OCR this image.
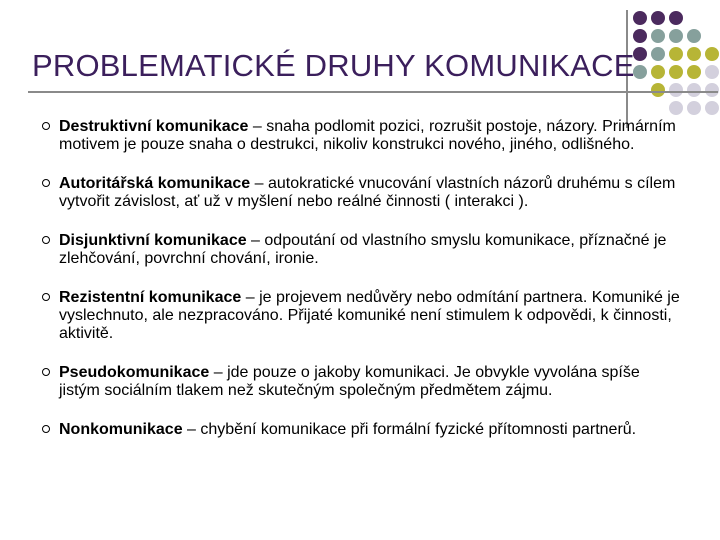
PROBLEMATICKÉ DRUHY KOMUNIKACE
Destruktivní komunikace – snaha podlomit pozici, rozrušit postoje, názory. Primárním motivem je pouze snaha o destrukci, nikoliv konstrukci nového, jiného, odlišného.
Autoritářská komunikace – autokratické vnucování vlastních názorů druhému s cílem vytvořit závislost, ať už v myšlení nebo reálné činnosti ( interakci ).
Disjunktivní komunikace – odpoutání od vlastního smyslu komunikace, příznačné je zlehčování, povrchní chování, ironie.
Rezistentní komunikace – je projevem nedůvěry nebo odmítání partnera. Komuniké je vyslechnuto, ale nezpracováno. Přijaté komuniké není stimulem k odpovědi, k činnosti, aktivitě.
Pseudokomunikace – jde pouze o jakoby komunikaci. Je obvykle vyvolána spíše jistým sociálním tlakem než skutečným společným předmětem zájmu.
Nonkomunikace – chybění komunikace při formální fyzické přítomnosti partnerů.
